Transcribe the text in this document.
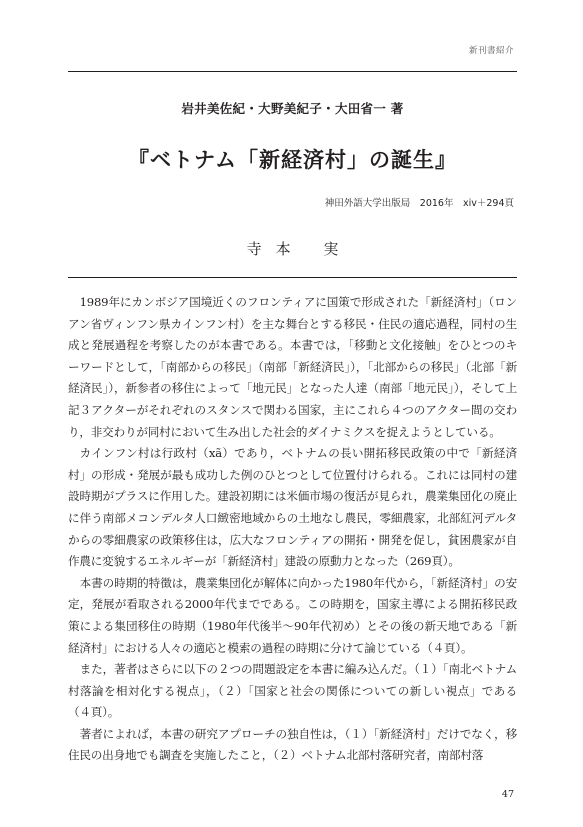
新刊書紹介
岩井美佐紀・大野美紀子・大田省一 著
『ベトナム「新経済村」の誕生』
神田外語大学出版局　2016年　xiv＋294頁
寺本 実

1989年にカンボジア国境近くのフロンティアに国策で形成された「新経済村」（ロンアン省ヴィンフン県カインフン村）を主な舞台とする移民・住民の適応過程，同村の生成と発展過程を考察したのが本書である。本書では，「移動と文化接触」をひとつのキーワードとして，「南部からの移民」（南部「新経済民」），「北部からの移民」（北部「新経済民」），新参者の移住によって「地元民」となった人達（南部「地元民」），そして上記３アクターがそれぞれのスタンスで関わる国家，主にこれら４つのアクター間の交わり，非交わりが同村において生み出した社会的ダイナミクスを捉えようとしている。

カインフン村は行政村（xã）であり，ベトナムの長い開拓移民政策の中で「新経済村」の形成・発展が最も成功した例のひとつとして位置付けられる。これには同村の建設時期がプラスに作用した。建設初期には米価市場の復活が見られ，農業集団化の廃止に伴う南部メコンデルタ人口緻密地域からの土地なし農民，零細農家，北部紅河デルタからの零細農家の政策移住は，広大なフロンティアの開拓・開発を促し，貧困農家が自作農に変貌するエネルギーが「新経済村」建設の原動力となった（269頁）。

本書の時期的特徴は，農業集団化が解体に向かった1980年代から，「新経済村」の安定，発展が看取される2000年代までである。この時期を，国家主導による開拓移民政策による集団移住の時期（1980年代後半〜90年代初め）とその後の新天地である「新経済村」における人々の適応と模索の過程の時期に分けて論じている（４頁）。

また，著者はさらに以下の２つの問題設定を本書に編み込んだ。（１）「南北ベトナム村落論を相対化する視点」，（２）「国家と社会の関係についての新しい視点」である（４頁）。

著者によれば，本書の研究アプローチの独自性は，（１）「新経済村」だけでなく，移住民の出身地でも調査を実施したこと，（２）ベトナム北部村落研究者，南部村落

47
